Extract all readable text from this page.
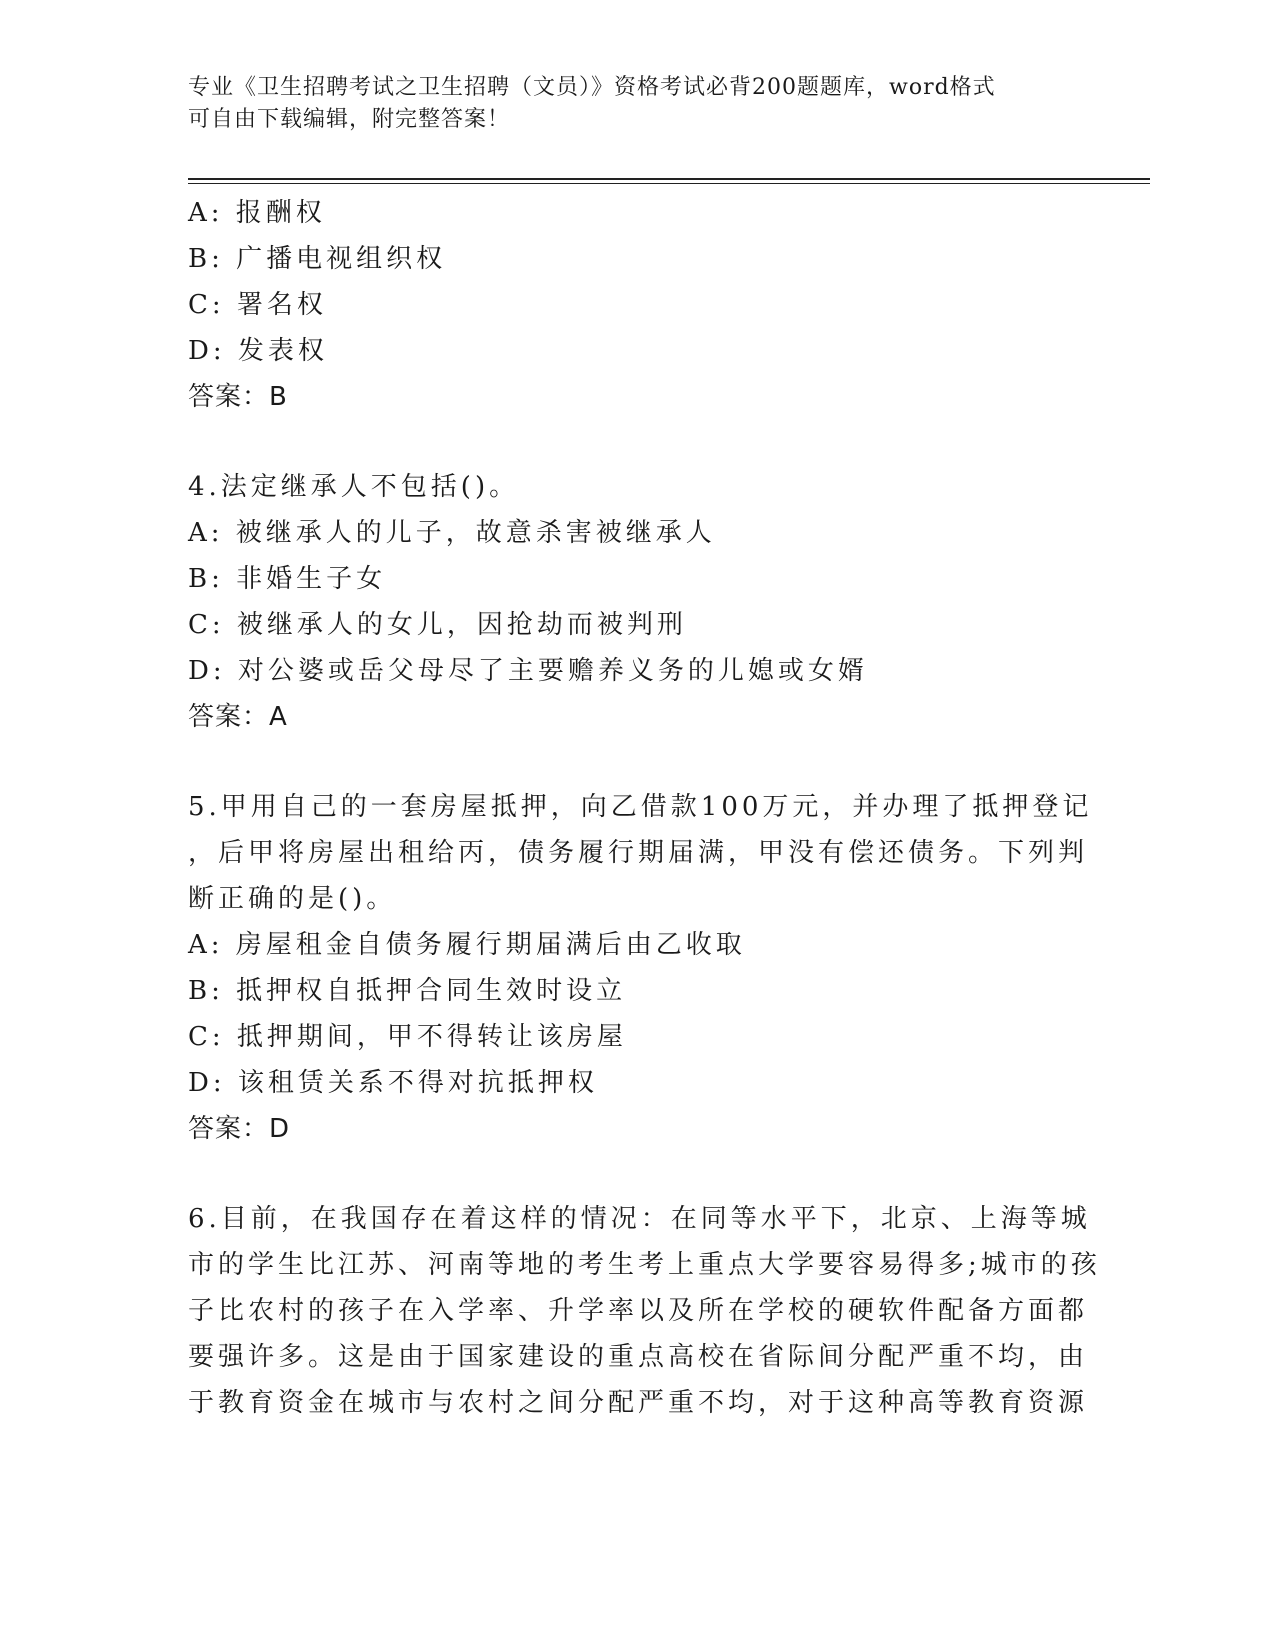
专业《卫生招聘考试之卫生招聘（文员）》资格考试必背200题题库，word格式
可自由下载编辑，附完整答案！
A: 报酬权
B: 广播电视组织权
C: 署名权
D: 发表权
答案：B
4.法定继承人不包括()。
A: 被继承人的儿子，故意杀害被继承人
B: 非婚生子女
C: 被继承人的女儿，因抢劫而被判刑
D: 对公婆或岳父母尽了主要赡养义务的儿媳或女婿
答案：A
5.甲用自己的一套房屋抵押，向乙借款100万元，并办理了抵押登记
，后甲将房屋出租给丙，债务履行期届满，甲没有偿还债务。下列判
断正确的是()。
A: 房屋租金自债务履行期届满后由乙收取
B: 抵押权自抵押合同生效时设立
C: 抵押期间，甲不得转让该房屋
D: 该租赁关系不得对抗抵押权
答案：D
6.目前，在我国存在着这样的情况：在同等水平下，北京、上海等城
市的学生比江苏、河南等地的考生考上重点大学要容易得多;城市的孩
子比农村的孩子在入学率、升学率以及所在学校的硬软件配备方面都
要强许多。这是由于国家建设的重点高校在省际间分配严重不均，由
于教育资金在城市与农村之间分配严重不均，对于这种高等教育资源
